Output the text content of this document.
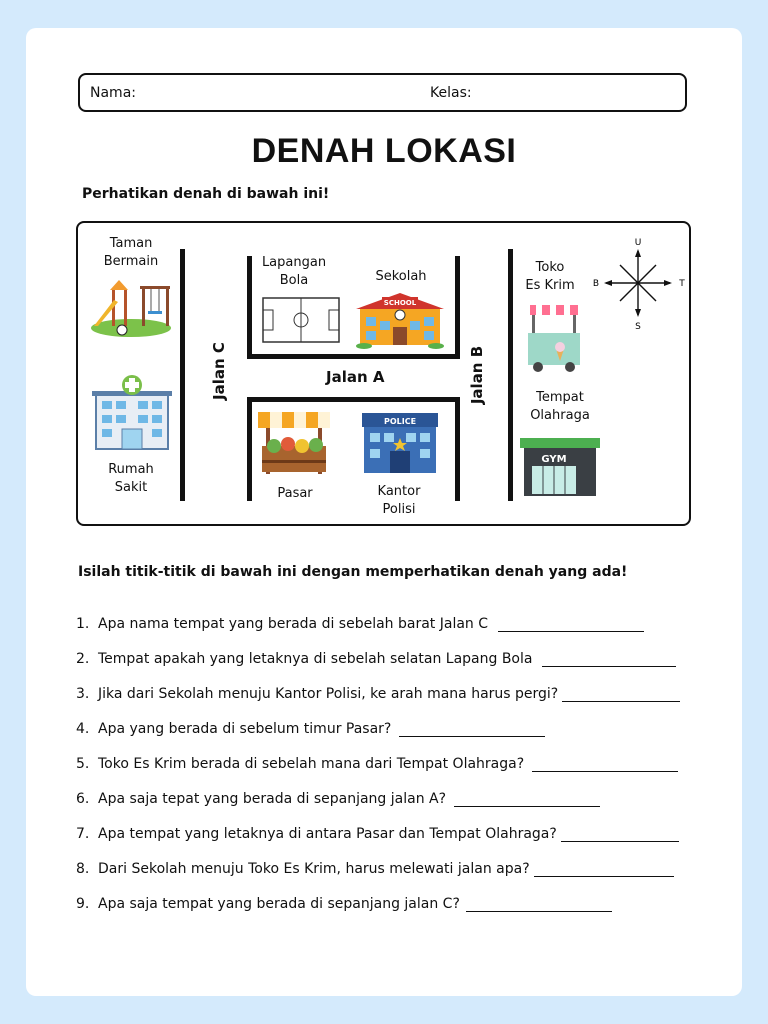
Nama:	Kelas:
DENAH LOKASI
Perhatikan denah di bawah ini!
Jalan A
Jalan C	Jalan B
Taman
Bermain
Rumah
Sakit
Lapangan
Bola	Sekolah
SCHOOL
Pasar
POLICE
Kantor
Polisi
Toko
Es Krim
Tempat
Olahraga
GYM
U
S
T
B
Isilah titik-titik di bawah ini dengan memperhatikan denah yang ada!
1. Apa nama tempat yang berada di sebelah barat Jalan C
2. Tempat apakah yang letaknya di sebelah selatan Lapang Bola
3. Jika dari Sekolah menuju Kantor Polisi, ke arah mana harus pergi?
4. Apa yang berada di sebelum timur Pasar?
5. Toko Es Krim berada di sebelah mana dari Tempat Olahraga?
6. Apa saja tepat yang berada di sepanjang jalan A?
7. Apa tempat yang letaknya di antara Pasar dan Tempat Olahraga?
8. Dari Sekolah menuju Toko Es Krim, harus melewati jalan apa?
9. Apa saja tempat yang berada di sepanjang jalan C?
